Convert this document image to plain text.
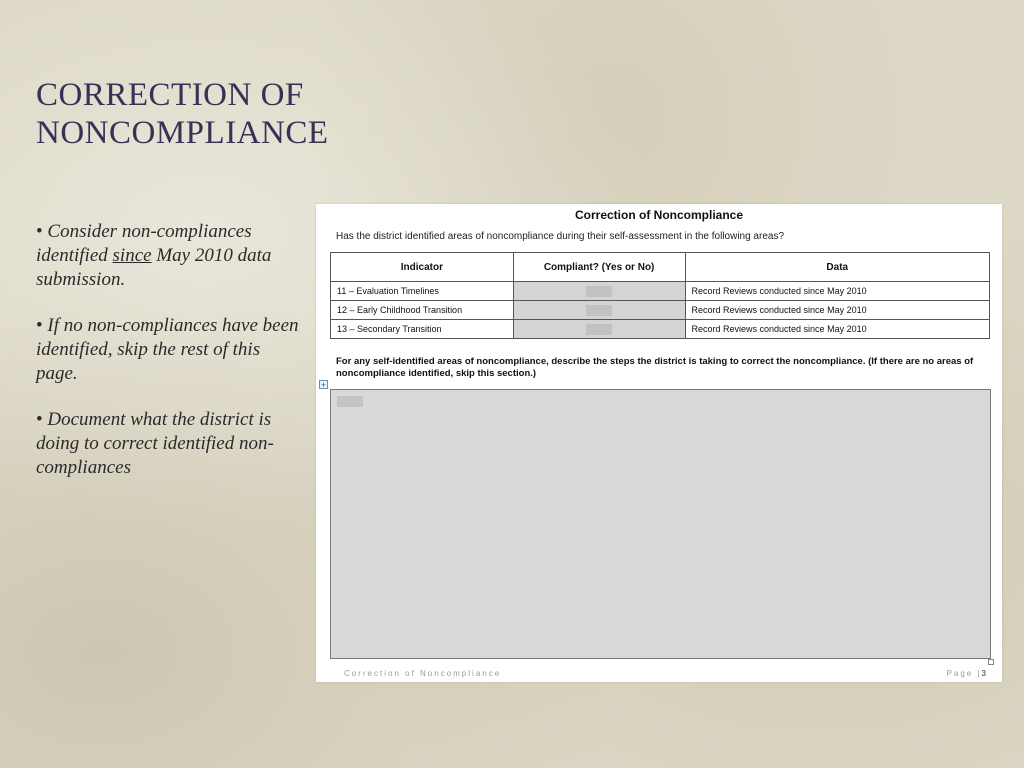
CORRECTION OF
NONCOMPLIANCE

• Consider non-compliances identified since May 2010 data submission.

• If no non-compliances have been identified, skip the rest of this page.

• Document what the district is doing to correct identified non-compliances

Correction of Noncompliance
Has the district identified areas of noncompliance during their self-assessment in the following areas?
Indicator	Compliant? (Yes or No)	Data
11 – Evaluation Timelines		Record Reviews conducted since May 2010
12 – Early Childhood Transition		Record Reviews conducted since May 2010
13 – Secondary Transition		Record Reviews conducted since May 2010
For any self-identified areas of noncompliance, describe the steps the district is taking to correct the noncompliance. (If there are no areas of noncompliance identified, skip this section.)
+
Correction of Noncompliance	Page |3
